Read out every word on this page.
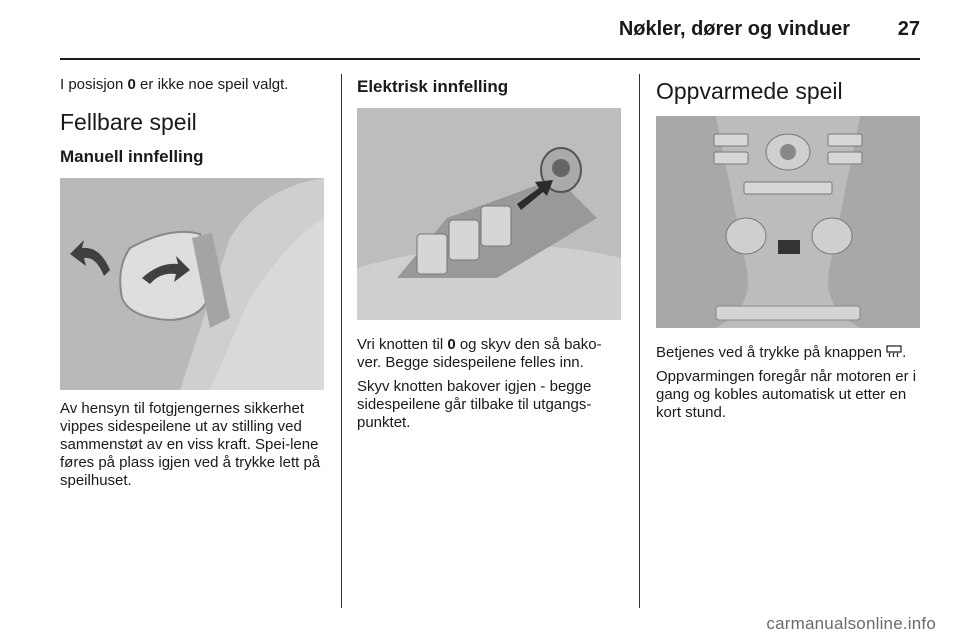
Nøkler, dører og vinduer	27

I posisjon 0 er ikke noe speil valgt.

Fellbare speil
Manuell innfelling

Av hensyn til fotgjengernes sikkerhet vippes sidespeilene ut av stilling ved sammenstøt av en viss kraft. Spei-lene føres på plass igjen ved å trykke lett på speilhuset.

Elektrisk innfelling

Vri knotten til 0 og skyv den så bako-ver. Begge sidespeilene felles inn.

Skyv knotten bakover igjen - begge sidespeilene går tilbake til utgangs-punktet.

Oppvarmede speil

Betjenes ved å trykke på knappen .

Oppvarmingen foregår når motoren er i gang og kobles automatisk ut etter en kort stund.

carmanualsonline.info
